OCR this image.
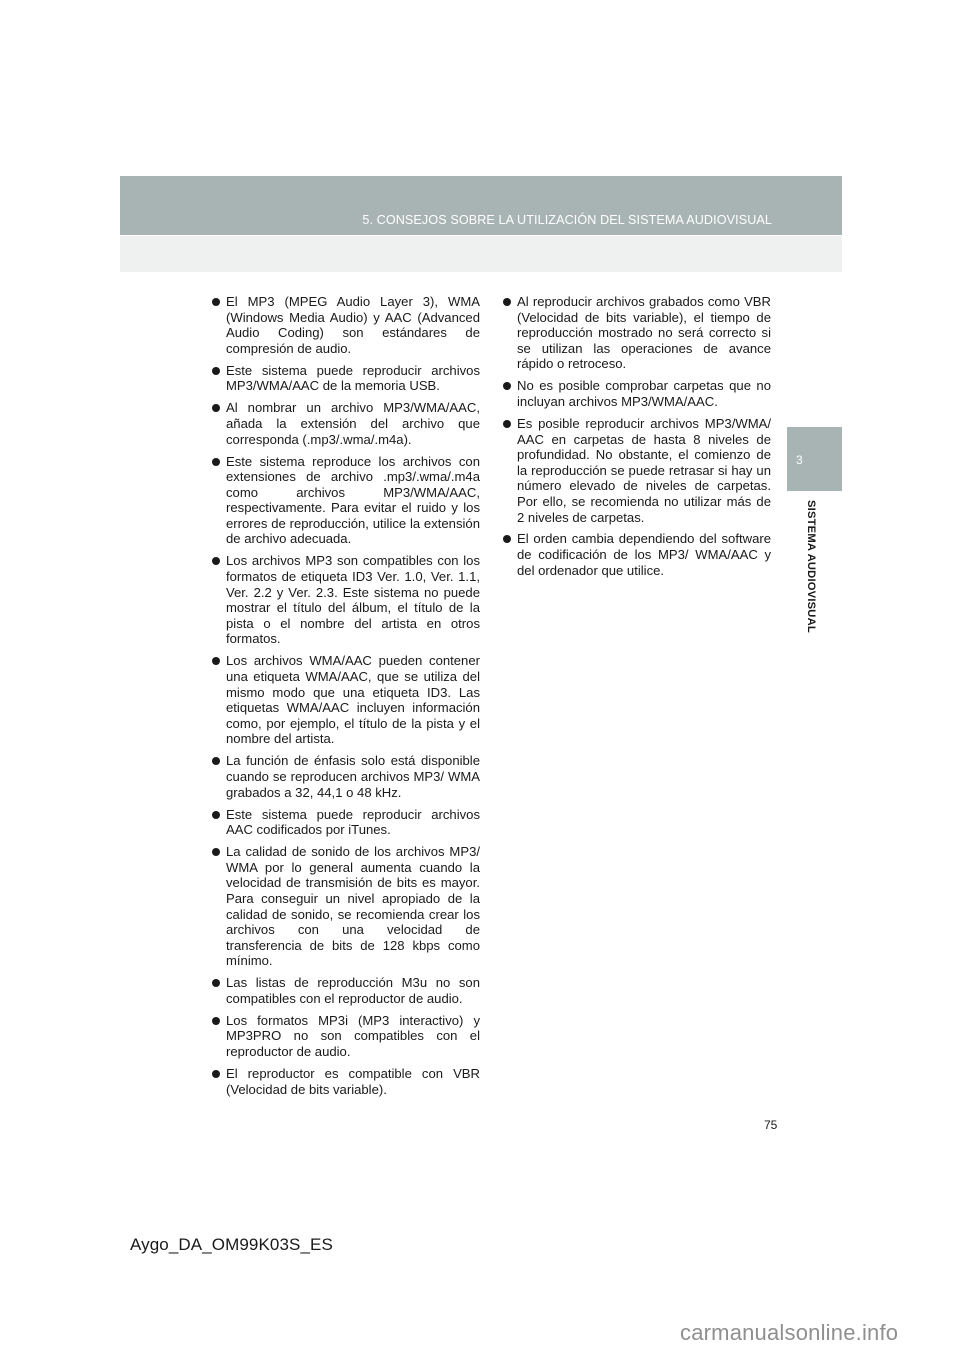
5. CONSEJOS SOBRE LA UTILIZACIÓN DEL SISTEMA AUDIOVISUAL
3
SISTEMA AUDIOVISUAL
El MP3 (MPEG Audio Layer 3), WMA (Windows Media Audio) y AAC (Advanced Audio Coding) son estándares de compresión de audio.
Este sistema puede reproducir archivos MP3/WMA/AAC de la memoria USB.
Al nombrar un archivo MP3/WMA/AAC, añada la extensión del archivo que corresponda (.mp3/.wma/.m4a).
Este sistema reproduce los archivos con extensiones de archivo .mp3/.wma/.m4a como archivos MP3/WMA/AAC, respectivamente. Para evitar el ruido y los errores de reproducción, utilice la extensión de archivo adecuada.
Los archivos MP3 son compatibles con los formatos de etiqueta ID3 Ver. 1.0, Ver. 1.1, Ver. 2.2 y Ver. 2.3. Este sistema no puede mostrar el título del álbum, el título de la pista o el nombre del artista en otros formatos.
Los archivos WMA/AAC pueden contener una etiqueta WMA/AAC, que se utiliza del mismo modo que una etiqueta ID3. Las etiquetas WMA/AAC incluyen información como, por ejemplo, el título de la pista y el nombre del artista.
La función de énfasis solo está disponible cuando se reproducen archivos MP3/ WMA grabados a 32, 44,1 o 48 kHz.
Este sistema puede reproducir archivos AAC codificados por iTunes.
La calidad de sonido de los archivos MP3/ WMA por lo general aumenta cuando la velocidad de transmisión de bits es mayor. Para conseguir un nivel apropiado de la calidad de sonido, se recomienda crear los archivos con una velocidad de transferencia de bits de 128 kbps como mínimo.
Las listas de reproducción M3u no son compatibles con el reproductor de audio.
Los formatos MP3i (MP3 interactivo) y MP3PRO no son compatibles con el reproductor de audio.
El reproductor es compatible con VBR (Velocidad de bits variable).
Al reproducir archivos grabados como VBR (Velocidad de bits variable), el tiempo de reproducción mostrado no será correcto si se utilizan las operaciones de avance rápido o retroceso.
No es posible comprobar carpetas que no incluyan archivos MP3/WMA/AAC.
Es posible reproducir archivos MP3/WMA/ AAC en carpetas de hasta 8 niveles de profundidad. No obstante, el comienzo de la reproducción se puede retrasar si hay un número elevado de niveles de carpetas. Por ello, se recomienda no utilizar más de 2 niveles de carpetas.
El orden cambia dependiendo del software de codificación de los MP3/ WMA/AAC y del ordenador que utilice.
75
Aygo_DA_OM99K03S_ES
carmanualsonline.info
